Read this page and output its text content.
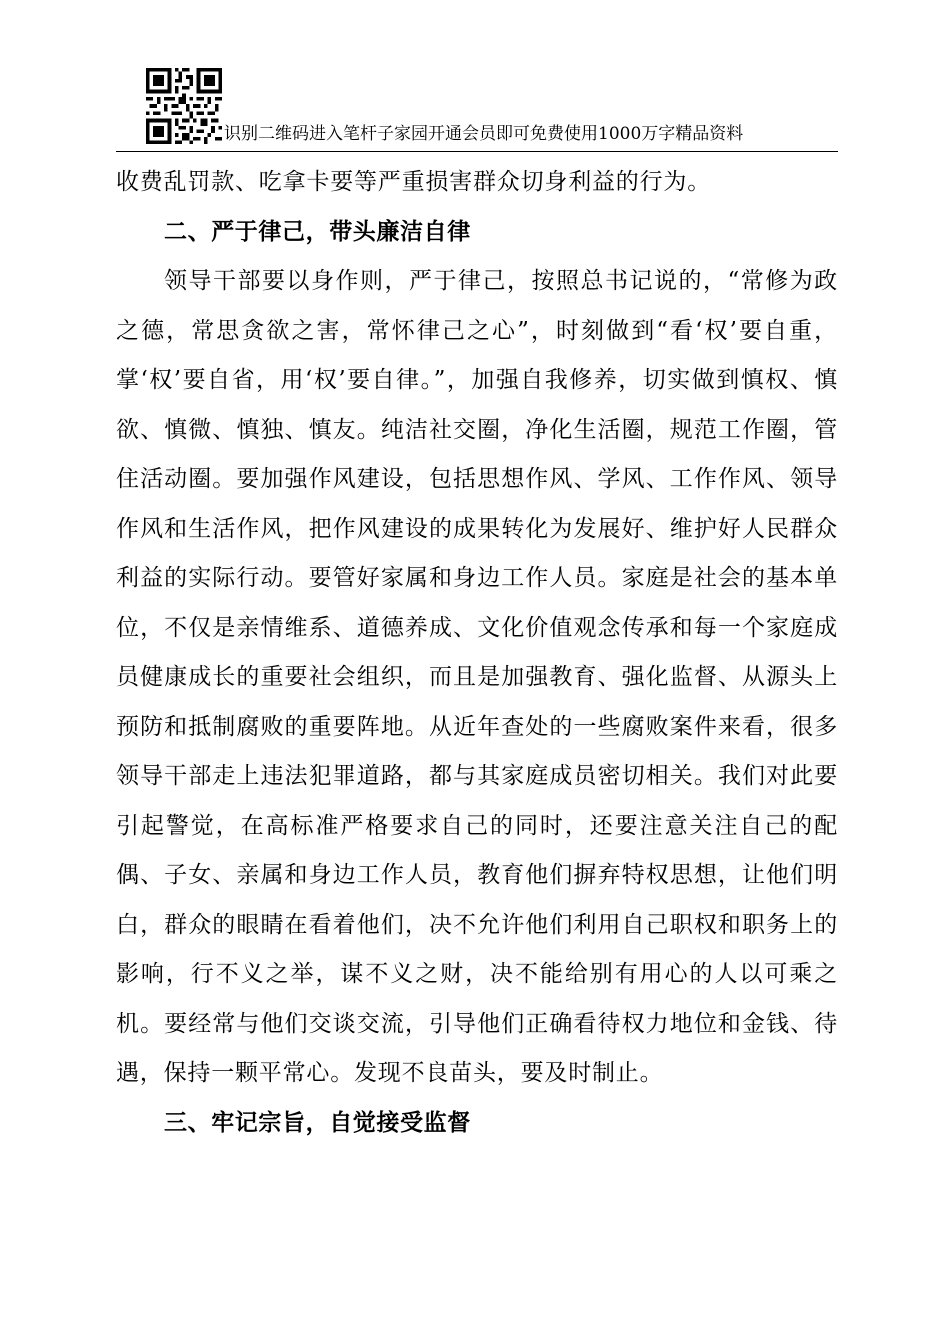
识别二维码进入笔杆子家园开通会员即可免费使用1000万字精品资料

收费乱罚款、吃拿卡要等严重损害群众切身利益的行为。

二、严于律己，带头廉洁自律

领导干部要以身作则，严于律己，按照总书记说的，“常修为政之德，常思贪欲之害，常怀律己之心”，时刻做到“看‘权’要自重，掌‘权’要自省，用‘权’要自律。”，加强自我修养，切实做到慎权、慎欲、慎微、慎独、慎友。纯洁社交圈，净化生活圈，规范工作圈，管住活动圈。要加强作风建设，包括思想作风、学风、工作作风、领导作风和生活作风，把作风建设的成果转化为发展好、维护好人民群众利益的实际行动。要管好家属和身边工作人员。家庭是社会的基本单位，不仅是亲情维系、道德养成、文化价值观念传承和每一个家庭成员健康成长的重要社会组织，而且是加强教育、强化监督、从源头上预防和抵制腐败的重要阵地。从近年查处的一些腐败案件来看，很多领导干部走上违法犯罪道路，都与其家庭成员密切相关。我们对此要引起警觉，在高标准严格要求自己的同时，还要注意关注自己的配偶、子女、亲属和身边工作人员，教育他们摒弃特权思想，让他们明白，群众的眼睛在看着他们，决不允许他们利用自己职权和职务上的影响，行不义之举，谋不义之财，决不能给别有用心的人以可乘之机。要经常与他们交谈交流，引导他们正确看待权力地位和金钱、待遇，保持一颗平常心。发现不良苗头，要及时制止。

三、牢记宗旨，自觉接受监督
